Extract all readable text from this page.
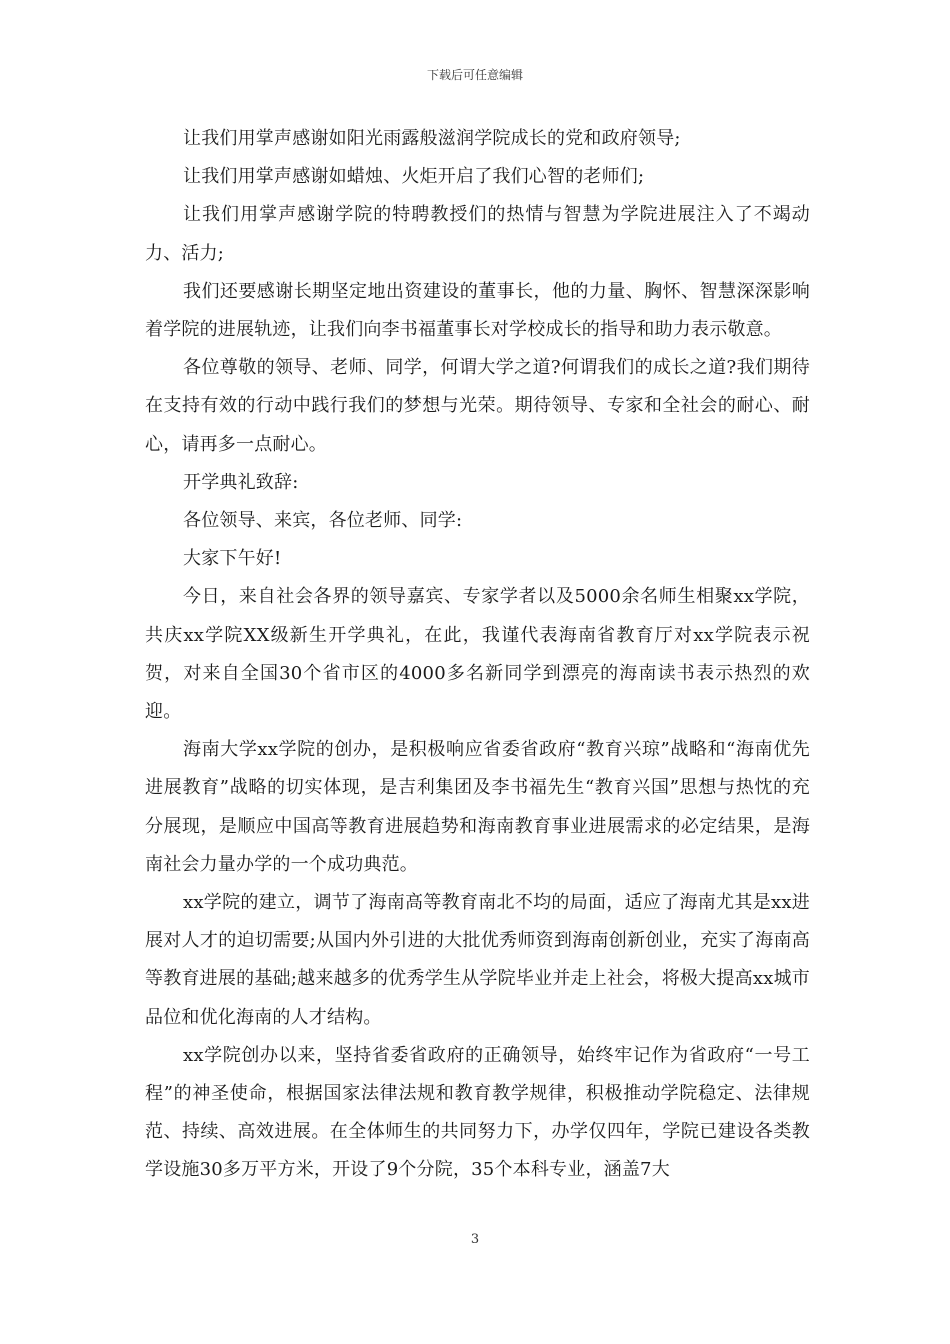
下载后可任意编辑

让我们用掌声感谢如阳光雨露般滋润学院成长的党和政府领导;

让我们用掌声感谢如蜡烛、火炬开启了我们心智的老师们;

让我们用掌声感谢学院的特聘教授们的热情与智慧为学院进展注入了不竭动力、活力;

我们还要感谢长期坚定地出资建设的董事长，他的力量、胸怀、智慧深深影响着学院的进展轨迹，让我们向李书福董事长对学校成长的指导和助力表示敬意。

各位尊敬的领导、老师、同学，何谓大学之道?何谓我们的成长之道?我们期待在支持有效的行动中践行我们的梦想与光荣。期待领导、专家和全社会的耐心、耐心，请再多一点耐心。

开学典礼致辞:

各位领导、来宾，各位老师、同学:

大家下午好!

今日，来自社会各界的领导嘉宾、专家学者以及5000余名师生相聚xx学院，共庆xx学院XX级新生开学典礼，在此，我谨代表海南省教育厅对xx学院表示祝贺，对来自全国30个省市区的4000多名新同学到漂亮的海南读书表示热烈的欢迎。

海南大学xx学院的创办，是积极响应省委省政府“教育兴琼”战略和“海南优先进展教育”战略的切实体现，是吉利集团及李书福先生“教育兴国”思想与热忱的充分展现，是顺应中国高等教育进展趋势和海南教育事业进展需求的必定结果，是海南社会力量办学的一个成功典范。

xx学院的建立，调节了海南高等教育南北不均的局面，适应了海南尤其是xx进展对人才的迫切需要;从国内外引进的大批优秀师资到海南创新创业，充实了海南高等教育进展的基础;越来越多的优秀学生从学院毕业并走上社会，将极大提高xx城市品位和优化海南的人才结构。

xx学院创办以来，坚持省委省政府的正确领导，始终牢记作为省政府“一号工程”的神圣使命，根据国家法律法规和教育教学规律，积极推动学院稳定、法律规范、持续、高效进展。在全体师生的共同努力下，办学仅四年，学院已建设各类教学设施30多万平方米，开设了9个分院，35个本科专业，涵盖7大

3
